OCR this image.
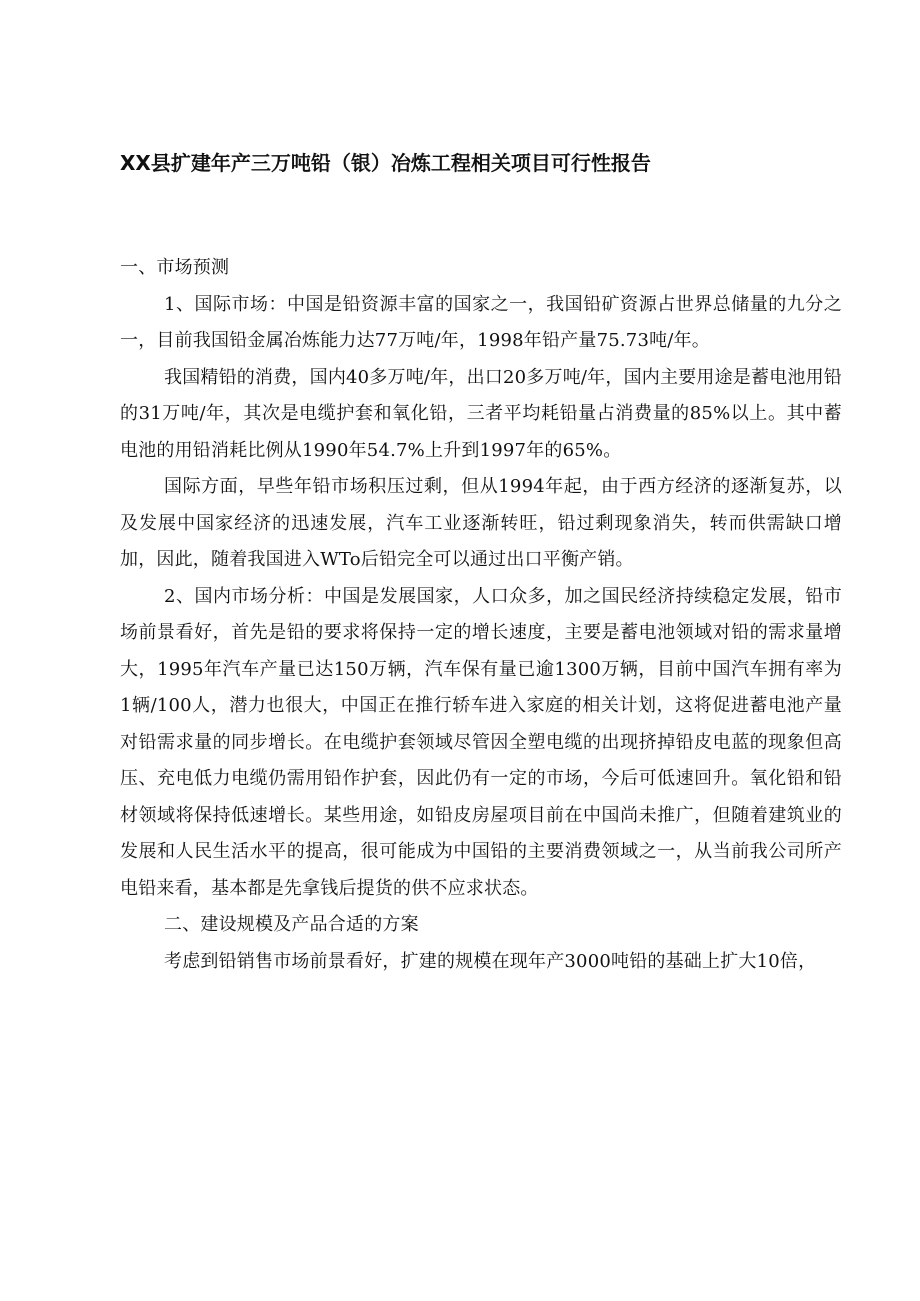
XX县扩建年产三万吨铅（银）冶炼工程相关项目可行性报告

一、市场预测

1、国际市场：中国是铅资源丰富的国家之一，我国铅矿资源占世界总储量的九分之一，目前我国铅金属冶炼能力达77万吨/年，1998年铅产量75.73吨/年。

我国精铅的消费，国内40多万吨/年，出口20多万吨/年，国内主要用途是蓄电池用铅的31万吨/年，其次是电缆护套和氧化铅，三者平均耗铅量占消费量的85%以上。其中蓄电池的用铅消耗比例从1990年54.7%上升到1997年的65%。

国际方面，早些年铅市场积压过剩，但从1994年起，由于西方经济的逐渐复苏，以及发展中国家经济的迅速发展，汽车工业逐渐转旺，铅过剩现象消失，转而供需缺口增加，因此，随着我国进入WTo后铅完全可以通过出口平衡产销。

2、国内市场分析：中国是发展国家，人口众多，加之国民经济持续稳定发展，铅市场前景看好，首先是铅的要求将保持一定的增长速度，主要是蓄电池领域对铅的需求量增大，1995年汽车产量已达150万辆，汽车保有量已逾1300万辆，目前中国汽车拥有率为1辆/100人，潜力也很大，中国正在推行轿车进入家庭的相关计划，这将促进蓄电池产量对铅需求量的同步增长。在电缆护套领域尽管因全塑电缆的出现挤掉铅皮电蓝的现象但高压、充电低力电缆仍需用铅作护套，因此仍有一定的市场，今后可低速回升。氧化铅和铅材领域将保持低速增长。某些用途，如铅皮房屋项目前在中国尚未推广，但随着建筑业的发展和人民生活水平的提高，很可能成为中国铅的主要消费领域之一，从当前我公司所产电铅来看，基本都是先拿钱后提货的供不应求状态。

二、建设规模及产品合适的方案

考虑到铅销售市场前景看好，扩建的规模在现年产3000吨铅的基础上扩大10倍，
